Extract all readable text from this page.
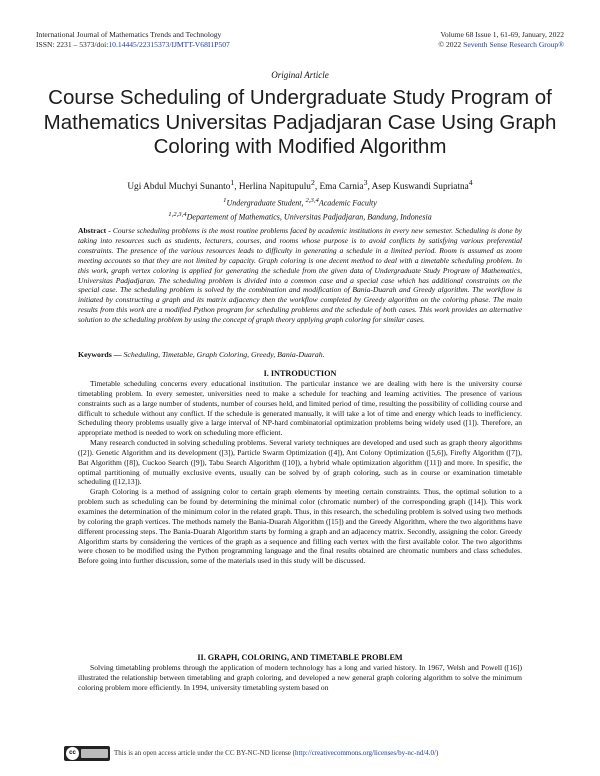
International Journal of Mathematics Trends and Technology
ISSN: 2231 – 5373/doi:10.14445/22315373/IJMTT-V68I1P507
Volume 68 Issue 1, 61-69, January, 2022
© 2022 Seventh Sense Research Group®
Original Article
Course Scheduling of Undergraduate Study Program of Mathematics Universitas Padjadjaran Case Using Graph Coloring with Modified Algorithm
Ugi Abdul Muchyi Sunanto$^1$, Herlina Napitupulu$^2$, Ema Carnia$^3$, Asep Kuswandi Supriatna$^4$
$^1$Undergraduate Student, $^{2,3,4}$Academic Faculty
$^{1,2,3,4}$Departement of Mathematics, Universitas Padjadjaran, Bandung, Indonesia
Abstract - Course scheduling problems is the most routine problems faced by academic institutions in every new semester. Scheduling is done by taking into resources such as students, lecturers, courses, and rooms whose purpose is to avoid conflicts by satisfying various preferential constraints. The presence of the various resources leads to difficulty in generating a schedule in a limited period. Room is assumed as zoom meeting accounts so that they are not limited by capacity. Graph coloring is one decent method to deal with a timetable scheduling problem. In this work, graph vertex coloring is applied for generating the schedule from the given data of Undergraduate Study Program of Mathematics, Universitas Padjadjaran. The scheduling problem is divided into a common case and a special case which has additional constraints on the special case. The scheduling problem is solved by the combination and modification of Bania-Duarah and Greedy algorithm. The workflow is initiated by constructing a graph and its matrix adjacency then the workflow completed by Greedy algorithm on the coloring phase. The main results from this work are a modified Python program for scheduling problems and the schedule of both cases. This work provides an alternative solution to the scheduling problem by using the concept of graph theory applying graph coloring for similar cases.
Keywords — Scheduling, Timetable, Graph Coloring, Greedy, Bania-Duarah.
I. INTRODUCTION

Timetable scheduling concerns every educational institution. The particular instance we are dealing with here is the university course timetabling problem. In every semester, universities need to make a schedule for teaching and learning activities. The presence of various constraints such as a large number of students, number of courses held, and limited period of time, resulting the possibility of colliding course and difficult to schedule without any conflict. If the schedule is generated manually, it will take a lot of time and energy which leads to inefficiency. Scheduling theory problems usually give a large interval of NP-hard combinatorial optimization problems being widely used ([1]). Therefore, an appropriate method is needed to work on scheduling more efficient.

Many research conducted in solving scheduling problems. Several variety techniques are developed and used such as graph theory algorithms ([2]). Genetic Algorithm and its development ([3]), Particle Swarm Optimization ([4]), Ant Colony Optimization ([5,6]), Firefly Algorithm ([7]), Bat Algorithm ([8]), Cuckoo Search ([9]), Tabu Search Algorithm ([10]), a hybrid whale optimization algorithm ([11]) and more. In spesific, the optimal partitioning of mutually exclusive events, usually can be solved by of graph coloring, such as in course or examination timetable scheduling ([12,13]).

Graph Coloring is a method of assigning color to certain graph elements by meeting certain constraints. Thus, the optimal solution to a problem such as scheduling can be found by determining the minimal color (chromatic number) of the corresponding graph ([14]). This work examines the determination of the minimum color in the related graph. Thus, in this research, the scheduling problem is solved using two methods by coloring the graph vertices. The methods namely the Bania-Duarah Algorithm ([15]) and the Greedy Algorithm, where the two algorithms have different processing steps. The Bania-Duarah Algorithm starts by forming a graph and an adjacency matrix. Secondly, assigning the color. Greedy Algorithm starts by considering the vertices of the graph as a sequence and filling each vertex with the first available color. The two algorithms were chosen to be modified using the Python programming language and the final results obtained are chromatic numbers and class schedules. Before going into further discussion, some of the materials used in this study will be discussed.

II. GRAPH, COLORING, AND TIMETABLE PROBLEM

Solving timetabling problems through the application of modern technology has a long and varied history. In 1967, Welsh and Powell ([16]) illustrated the relationship between timetabling and graph coloring, and developed a new general graph coloring algorithm to solve the minimum coloring problem more efficiently. In 1994, university timetabling system based on

cc	This is an open access article under the CC BY-NC-ND license (http://creativecommons.org/licenses/by-nc-nd/4.0/)
